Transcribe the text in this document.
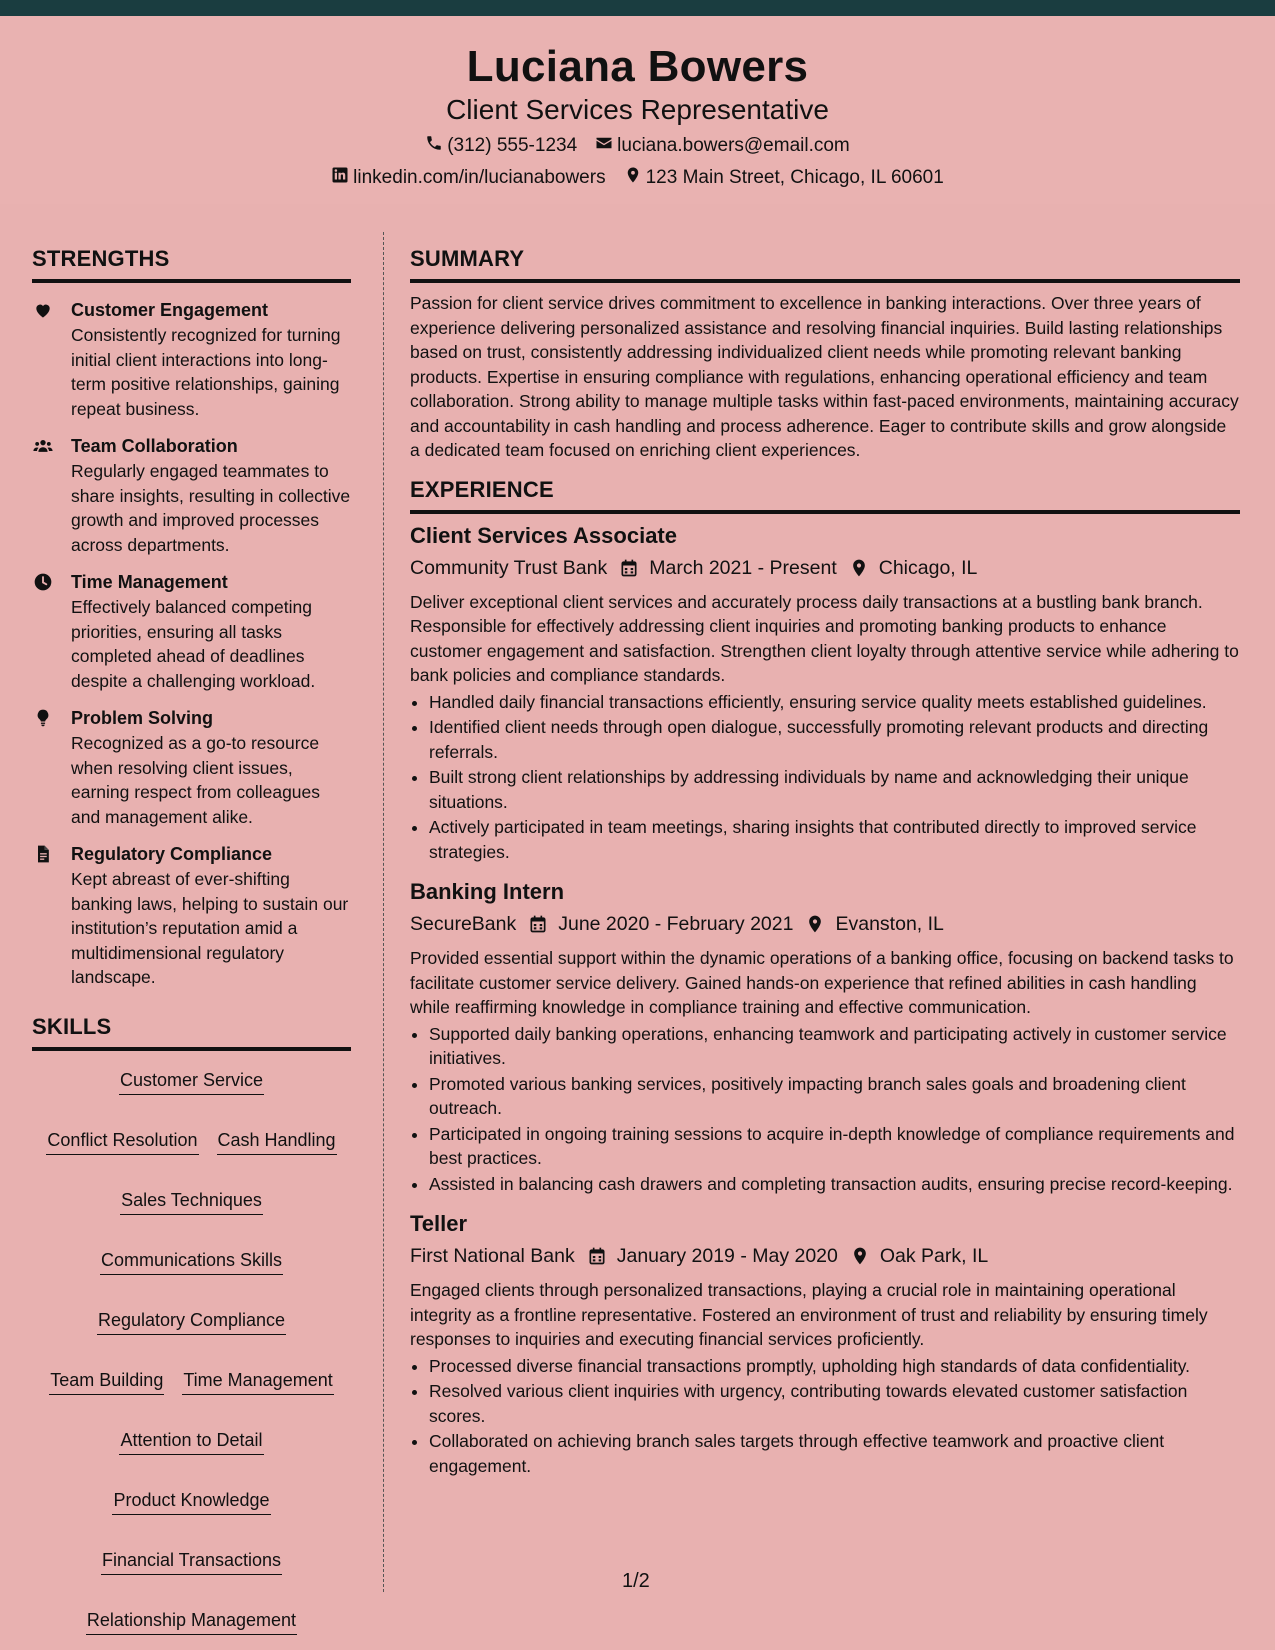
Luciana Bowers
Client Services Representative
(312) 555-1234 luciana.bowers@email.com
linkedin.com/in/lucianabowers 123 Main Street, Chicago, IL 60601
STRENGTHS
Customer Engagement
Consistently recognized for turning initial client interactions into long-term positive relationships, gaining repeat business.
Team Collaboration
Regularly engaged teammates to share insights, resulting in collective growth and improved processes across departments.
Time Management
Effectively balanced competing priorities, ensuring all tasks completed ahead of deadlines despite a challenging workload.
Problem Solving
Recognized as a go-to resource when resolving client issues, earning respect from colleagues and management alike.
Regulatory Compliance
Kept abreast of ever-shifting banking laws, helping to sustain our institution’s reputation amid a multidimensional regulatory landscape.
SKILLS
Customer Service
Conflict Resolution Cash Handling
Sales Techniques
Communications Skills
Regulatory Compliance
Team Building Time Management
Attention to Detail
Product Knowledge
Financial Transactions
Relationship Management
SUMMARY

Passion for client service drives commitment to excellence in banking interactions. Over three years of experience delivering personalized assistance and resolving financial inquiries. Build lasting relationships based on trust, consistently addressing individualized client needs while promoting relevant banking products. Expertise in ensuring compliance with regulations, enhancing operational efficiency and team collaboration. Strong ability to manage multiple tasks within fast-paced environments, maintaining accuracy and accountability in cash handling and process adherence. Eager to contribute skills and grow alongside a dedicated team focused on enriching client experiences.

EXPERIENCE
Client Services Associate
Community Trust Bank March 2021 - Present Chicago, IL
Deliver exceptional client services and accurately process daily transactions at a bustling bank branch. Responsible for effectively addressing client inquiries and promoting banking products to enhance customer engagement and satisfaction. Strengthen client loyalty through attentive service while adhering to bank policies and compliance standards.
• Handled daily financial transactions efficiently, ensuring service quality meets established guidelines.
• Identified client needs through open dialogue, successfully promoting relevant products and directing referrals.
• Built strong client relationships by addressing individuals by name and acknowledging their unique situations.
• Actively participated in team meetings, sharing insights that contributed directly to improved service strategies.
Banking Intern
SecureBank June 2020 - February 2021 Evanston, IL
Provided essential support within the dynamic operations of a banking office, focusing on backend tasks to facilitate customer service delivery. Gained hands-on experience that refined abilities in cash handling while reaffirming knowledge in compliance training and effective communication.
• Supported daily banking operations, enhancing teamwork and participating actively in customer service initiatives.
• Promoted various banking services, positively impacting branch sales goals and broadening client outreach.
• Participated in ongoing training sessions to acquire in-depth knowledge of compliance requirements and best practices.
• Assisted in balancing cash drawers and completing transaction audits, ensuring precise record-keeping.
Teller
First National Bank January 2019 - May 2020 Oak Park, IL
Engaged clients through personalized transactions, playing a crucial role in maintaining operational integrity as a frontline representative. Fostered an environment of trust and reliability by ensuring timely responses to inquiries and executing financial services proficiently.
• Processed diverse financial transactions promptly, upholding high standards of data confidentiality.
• Resolved various client inquiries with urgency, contributing towards elevated customer satisfaction scores.
• Collaborated on achieving branch sales targets through effective teamwork and proactive client engagement.
1/2
